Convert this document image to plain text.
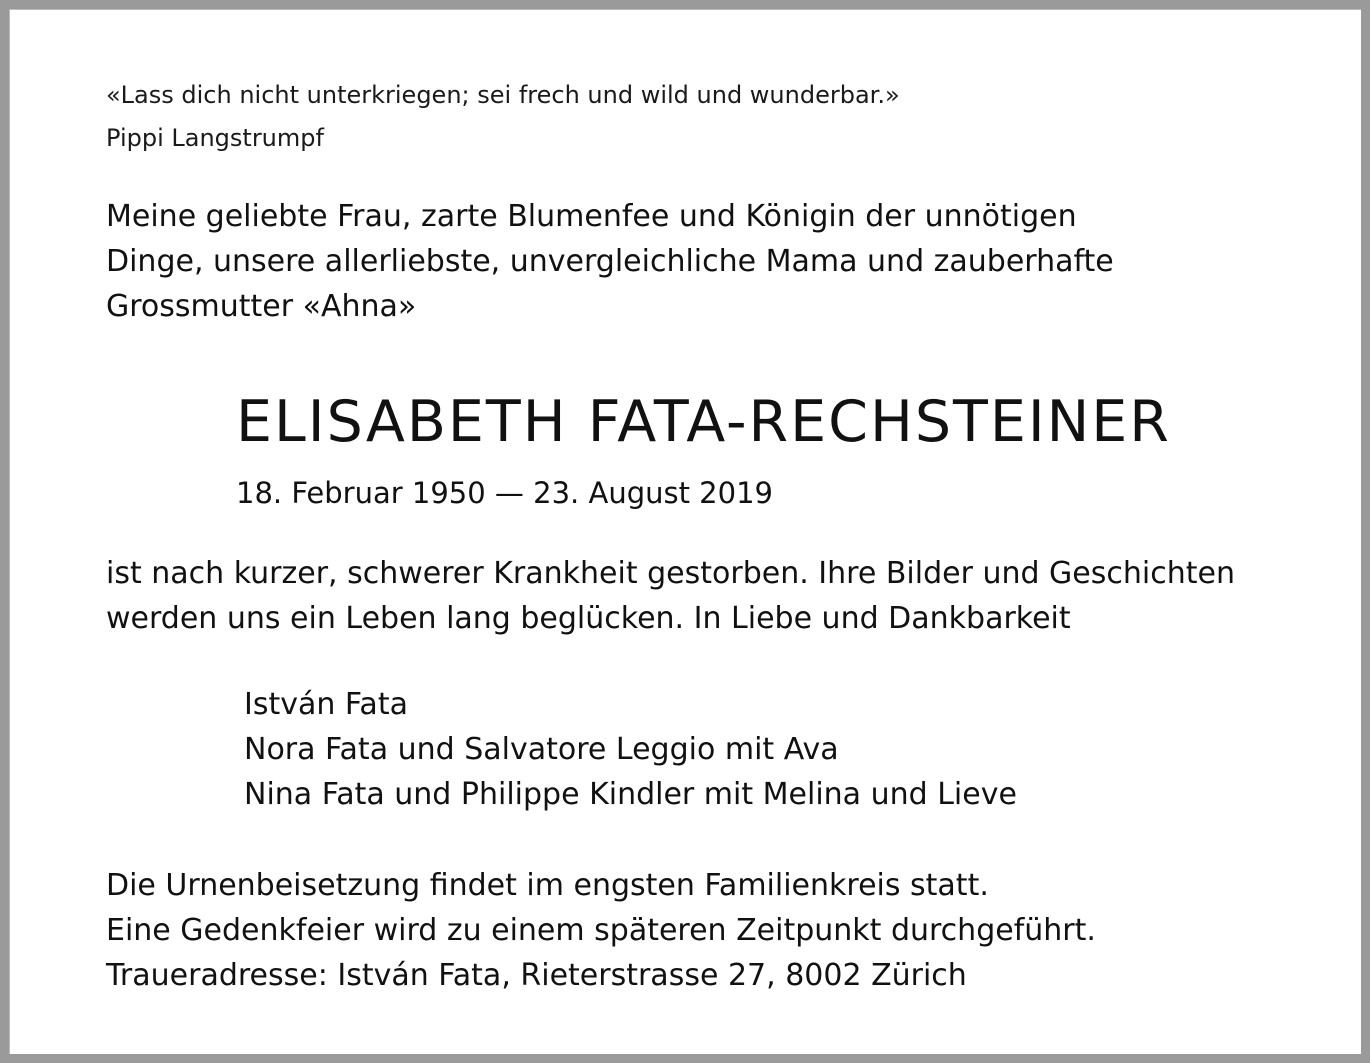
«Lass dich nicht unterkriegen; sei frech und wild und wunderbar.»

Pippi Langstrumpf

Meine geliebte Frau, zarte Blumenfee und Königin der unnötigen

Dinge, unsere allerliebste, unvergleichliche Mama und zauberhafte

Grossmutter «Ahna»

ELISABETH FATA-RECHSTEINER

18. Februar 1950 — 23. August 2019

ist nach kurzer, schwerer Krankheit gestorben. Ihre Bilder und Geschichten

werden uns ein Leben lang beglücken. In Liebe und Dankbarkeit

István Fata

Nora Fata und Salvatore Leggio mit Ava

Nina Fata und Philippe Kindler mit Melina und Lieve

Die Urnenbeisetzung findet im engsten Familienkreis statt.

Eine Gedenkfeier wird zu einem späteren Zeitpunkt durchgeführt.

Traueradresse: István Fata, Rieterstrasse 27, 8002 Zürich
